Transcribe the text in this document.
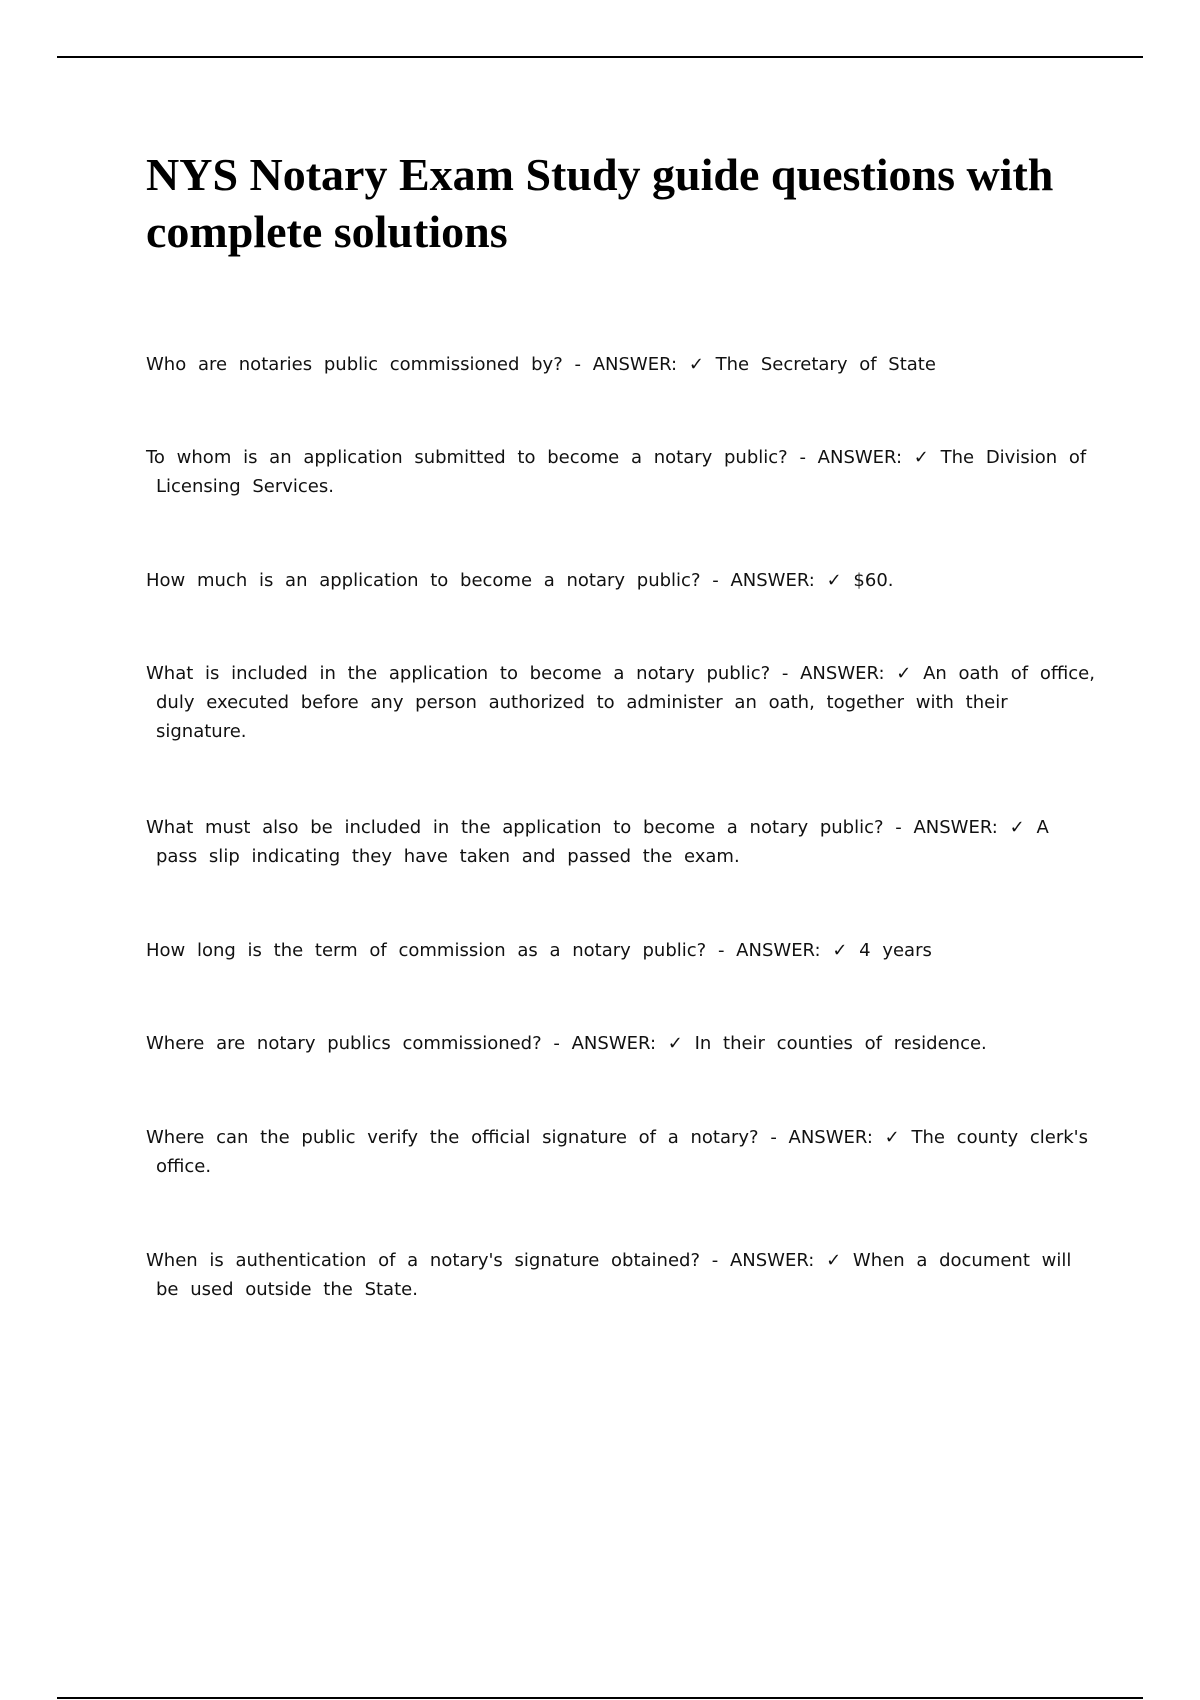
NYS Notary Exam Study guide questions with complete solutions

Who are notaries public commissioned by? - ANSWER: ✓ The Secretary of State

To whom is an application submitted to become a notary public? - ANSWER: ✓ The Division of Licensing Services.

How much is an application to become a notary public? - ANSWER: ✓ $60.

What is included in the application to become a notary public? - ANSWER: ✓ An oath of office, duly executed before any person authorized to administer an oath, together with their signature.

What must also be included in the application to become a notary public? - ANSWER: ✓ A pass slip indicating they have taken and passed the exam.

How long is the term of commission as a notary public? - ANSWER: ✓ 4 years

Where are notary publics commissioned? - ANSWER: ✓ In their counties of residence.

Where can the public verify the official signature of a notary? - ANSWER: ✓ The county clerk's office.

When is authentication of a notary's signature obtained? - ANSWER: ✓ When a document will be used outside the State.
